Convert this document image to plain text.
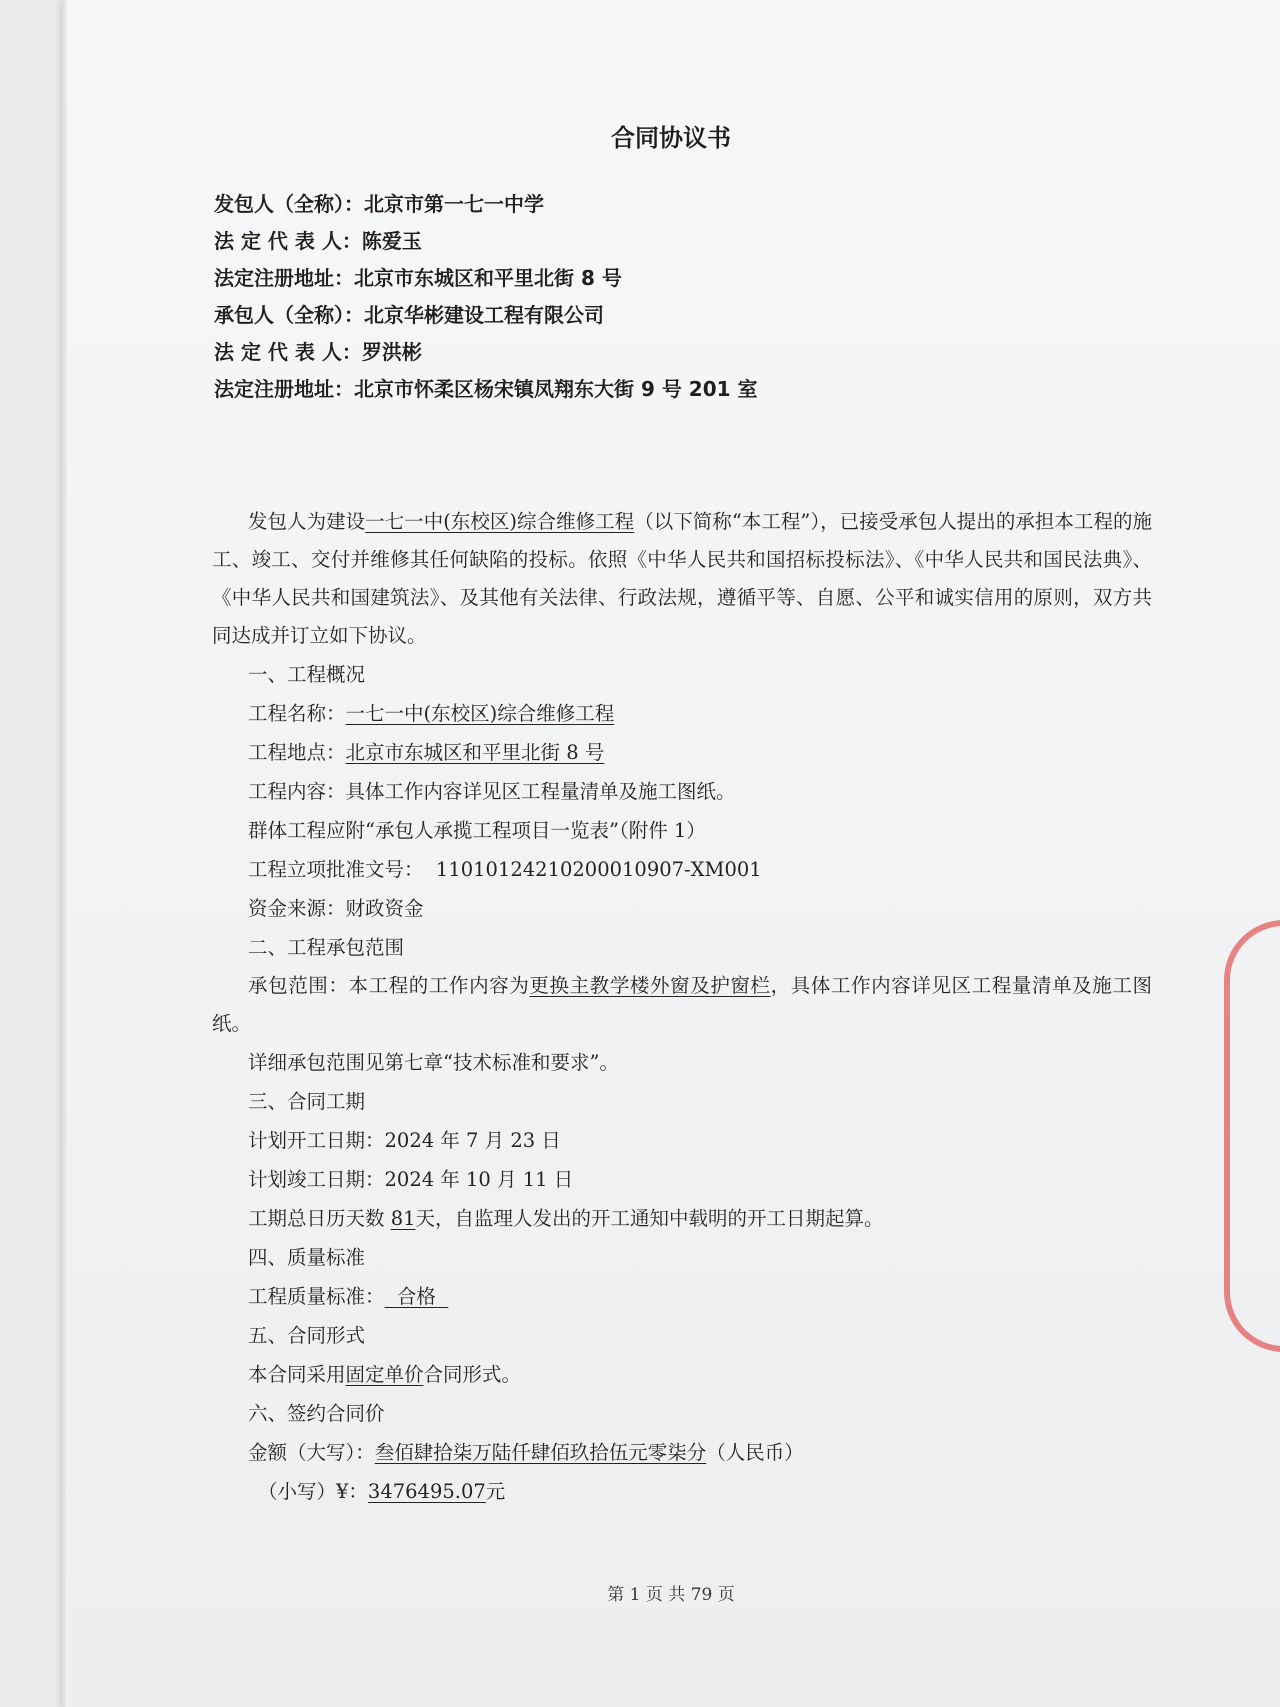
合同协议书
发包人（全称）：北京市第一七一中学
法 定 代 表 人：陈爱玉
法定注册地址：北京市东城区和平里北街 8 号
承包人（全称）：北京华彬建设工程有限公司
法 定 代 表 人：罗洪彬
法定注册地址：北京市怀柔区杨宋镇凤翔东大街 9 号 201 室

发包人为建设一七一中(东校区)综合维修工程（以下简称“本工程”），已接受承包人提出的承担本工程的施工、竣工、交付并维修其任何缺陷的投标。依照《中华人民共和国招标投标法》、《中华人民共和国民法典》、《中华人民共和国建筑法》、及其他有关法律、行政法规，遵循平等、自愿、公平和诚实信用的原则，双方共同达成并订立如下协议。

一、工程概况
工程名称：一七一中(东校区)综合维修工程
工程地点：北京市东城区和平里北街 8 号
工程内容：具体工作内容详见区工程量清单及施工图纸。
群体工程应附“承包人承揽工程项目一览表”（附件 1）
工程立项批准文号： 11010124210200010907-XM001
资金来源：财政资金
二、工程承包范围

承包范围：本工程的工作内容为更换主教学楼外窗及护窗栏，具体工作内容详见区工程量清单及施工图纸。

详细承包范围见第七章“技术标准和要求”。
三、合同工期
计划开工日期：2024 年 7 月 23 日
计划竣工日期：2024 年 10 月 11 日
工期总日历天数 81天，自监理人发出的开工通知中载明的开工日期起算。
四、质量标准
工程质量标准： 合格
五、合同形式
本合同采用固定单价合同形式。
六、签约合同价
金额（大写）：叁佰肆拾柒万陆仟肆佰玖拾伍元零柒分（人民币）
（小写）¥：3476495.07元
第 1 页 共 79 页
